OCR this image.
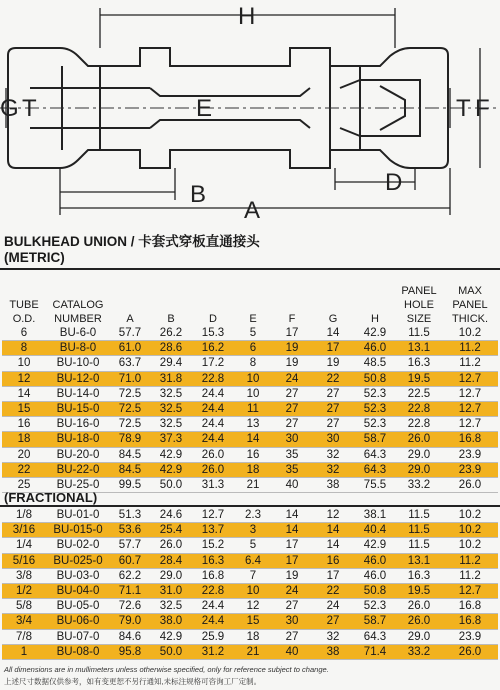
H
E
G T	T F
B	D
A
BULKHEAD UNION / 卡套式穿板直通接头
(METRIC)
TUBE
O.D.	CATALOG
NUMBER	A	B	D	E	F	G	H	PANEL
HOLE
SIZE	MAX
PANEL
THICK.
6	BU-6-0	57.7	26.2	15.3	5	17	14	42.9	11.5	10.2
8	BU-8-0	61.0	28.6	16.2	6	19	17	46.0	13.1	11.2
10	BU-10-0	63.7	29.4	17.2	8	19	19	48.5	16.3	11.2
12	BU-12-0	71.0	31.8	22.8	10	24	22	50.8	19.5	12.7
14	BU-14-0	72.5	32.5	24.4	10	27	27	52.3	22.5	12.7
15	BU-15-0	72.5	32.5	24.4	11	27	27	52.3	22.8	12.7
16	BU-16-0	72.5	32.5	24.4	13	27	27	52.3	22.8	12.7
18	BU-18-0	78.9	37.3	24.4	14	30	30	58.7	26.0	16.8
20	BU-20-0	84.5	42.9	26.0	16	35	32	64.3	29.0	23.9
22	BU-22-0	84.5	42.9	26.0	18	35	32	64.3	29.0	23.9
25	BU-25-0	99.5	50.0	31.3	21	40	38	75.5	33.2	26.0
(FRACTIONAL)
1/8	BU-01-0	51.3	24.6	12.7	2.3	14	12	38.1	11.5	10.2
3/16	BU-015-0	53.6	25.4	13.7	3	14	14	40.4	11.5	10.2
1/4	BU-02-0	57.7	26.0	15.2	5	17	14	42.9	11.5	10.2
5/16	BU-025-0	60.7	28.4	16.3	6.4	17	16	46.0	13.1	11.2
3/8	BU-03-0	62.2	29.0	16.8	7	19	17	46.0	16.3	11.2
1/2	BU-04-0	71.1	31.0	22.8	10	24	22	50.8	19.5	12.7
5/8	BU-05-0	72.6	32.5	24.4	12	27	24	52.3	26.0	16.8
3/4	BU-06-0	79.0	38.0	24.4	15	30	27	58.7	26.0	16.8
7/8	BU-07-0	84.6	42.9	25.9	18	27	32	64.3	29.0	23.9
1	BU-08-0	95.8	50.0	31.2	21	40	38	71.4	33.2	26.0
All dimensions are in mullimeters unless otherwise specified, only for reference subject to change.
上述尺寸数据仅供参考，如有变更恕不另行通知,未标注规格可咨询工厂定制。
